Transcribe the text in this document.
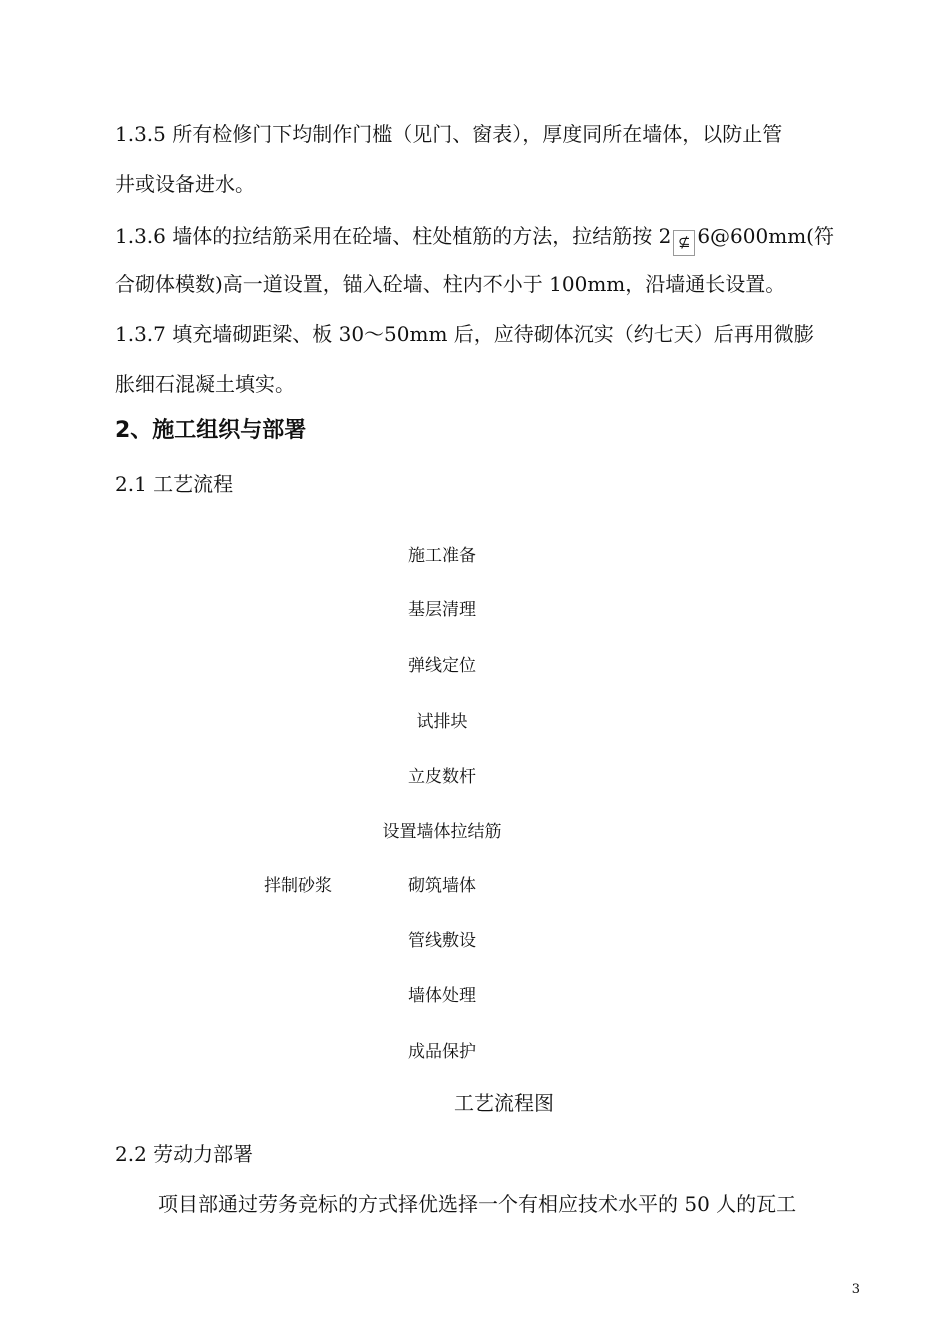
1.3.5 所有检修门下均制作门槛（见门、窗表），厚度同所在墙体，以防止管
井或设备进水。
1.3.6 墙体的拉结筋采用在砼墙、柱处植筋的方法，拉结筋按 2 ⊈ 6@600mm(符
合砌体模数)高一道设置，锚入砼墙、柱内不小于 100mm，沿墙通长设置。
1.3.7 填充墙砌距梁、板 30～50mm 后，应待砌体沉实（约七天）后再用微膨
胀细石混凝土填实。
2、施工组织与部署
2.1 工艺流程
施工准备
基层清理
弹线定位
试排块
立皮数杆
设置墙体拉结筋
砌筑墙体
管线敷设
墙体处理
成品保护
拌制砂浆
工艺流程图
2.2 劳动力部署
项目部通过劳务竞标的方式择优选择一个有相应技术水平的 50 人的瓦工
3
